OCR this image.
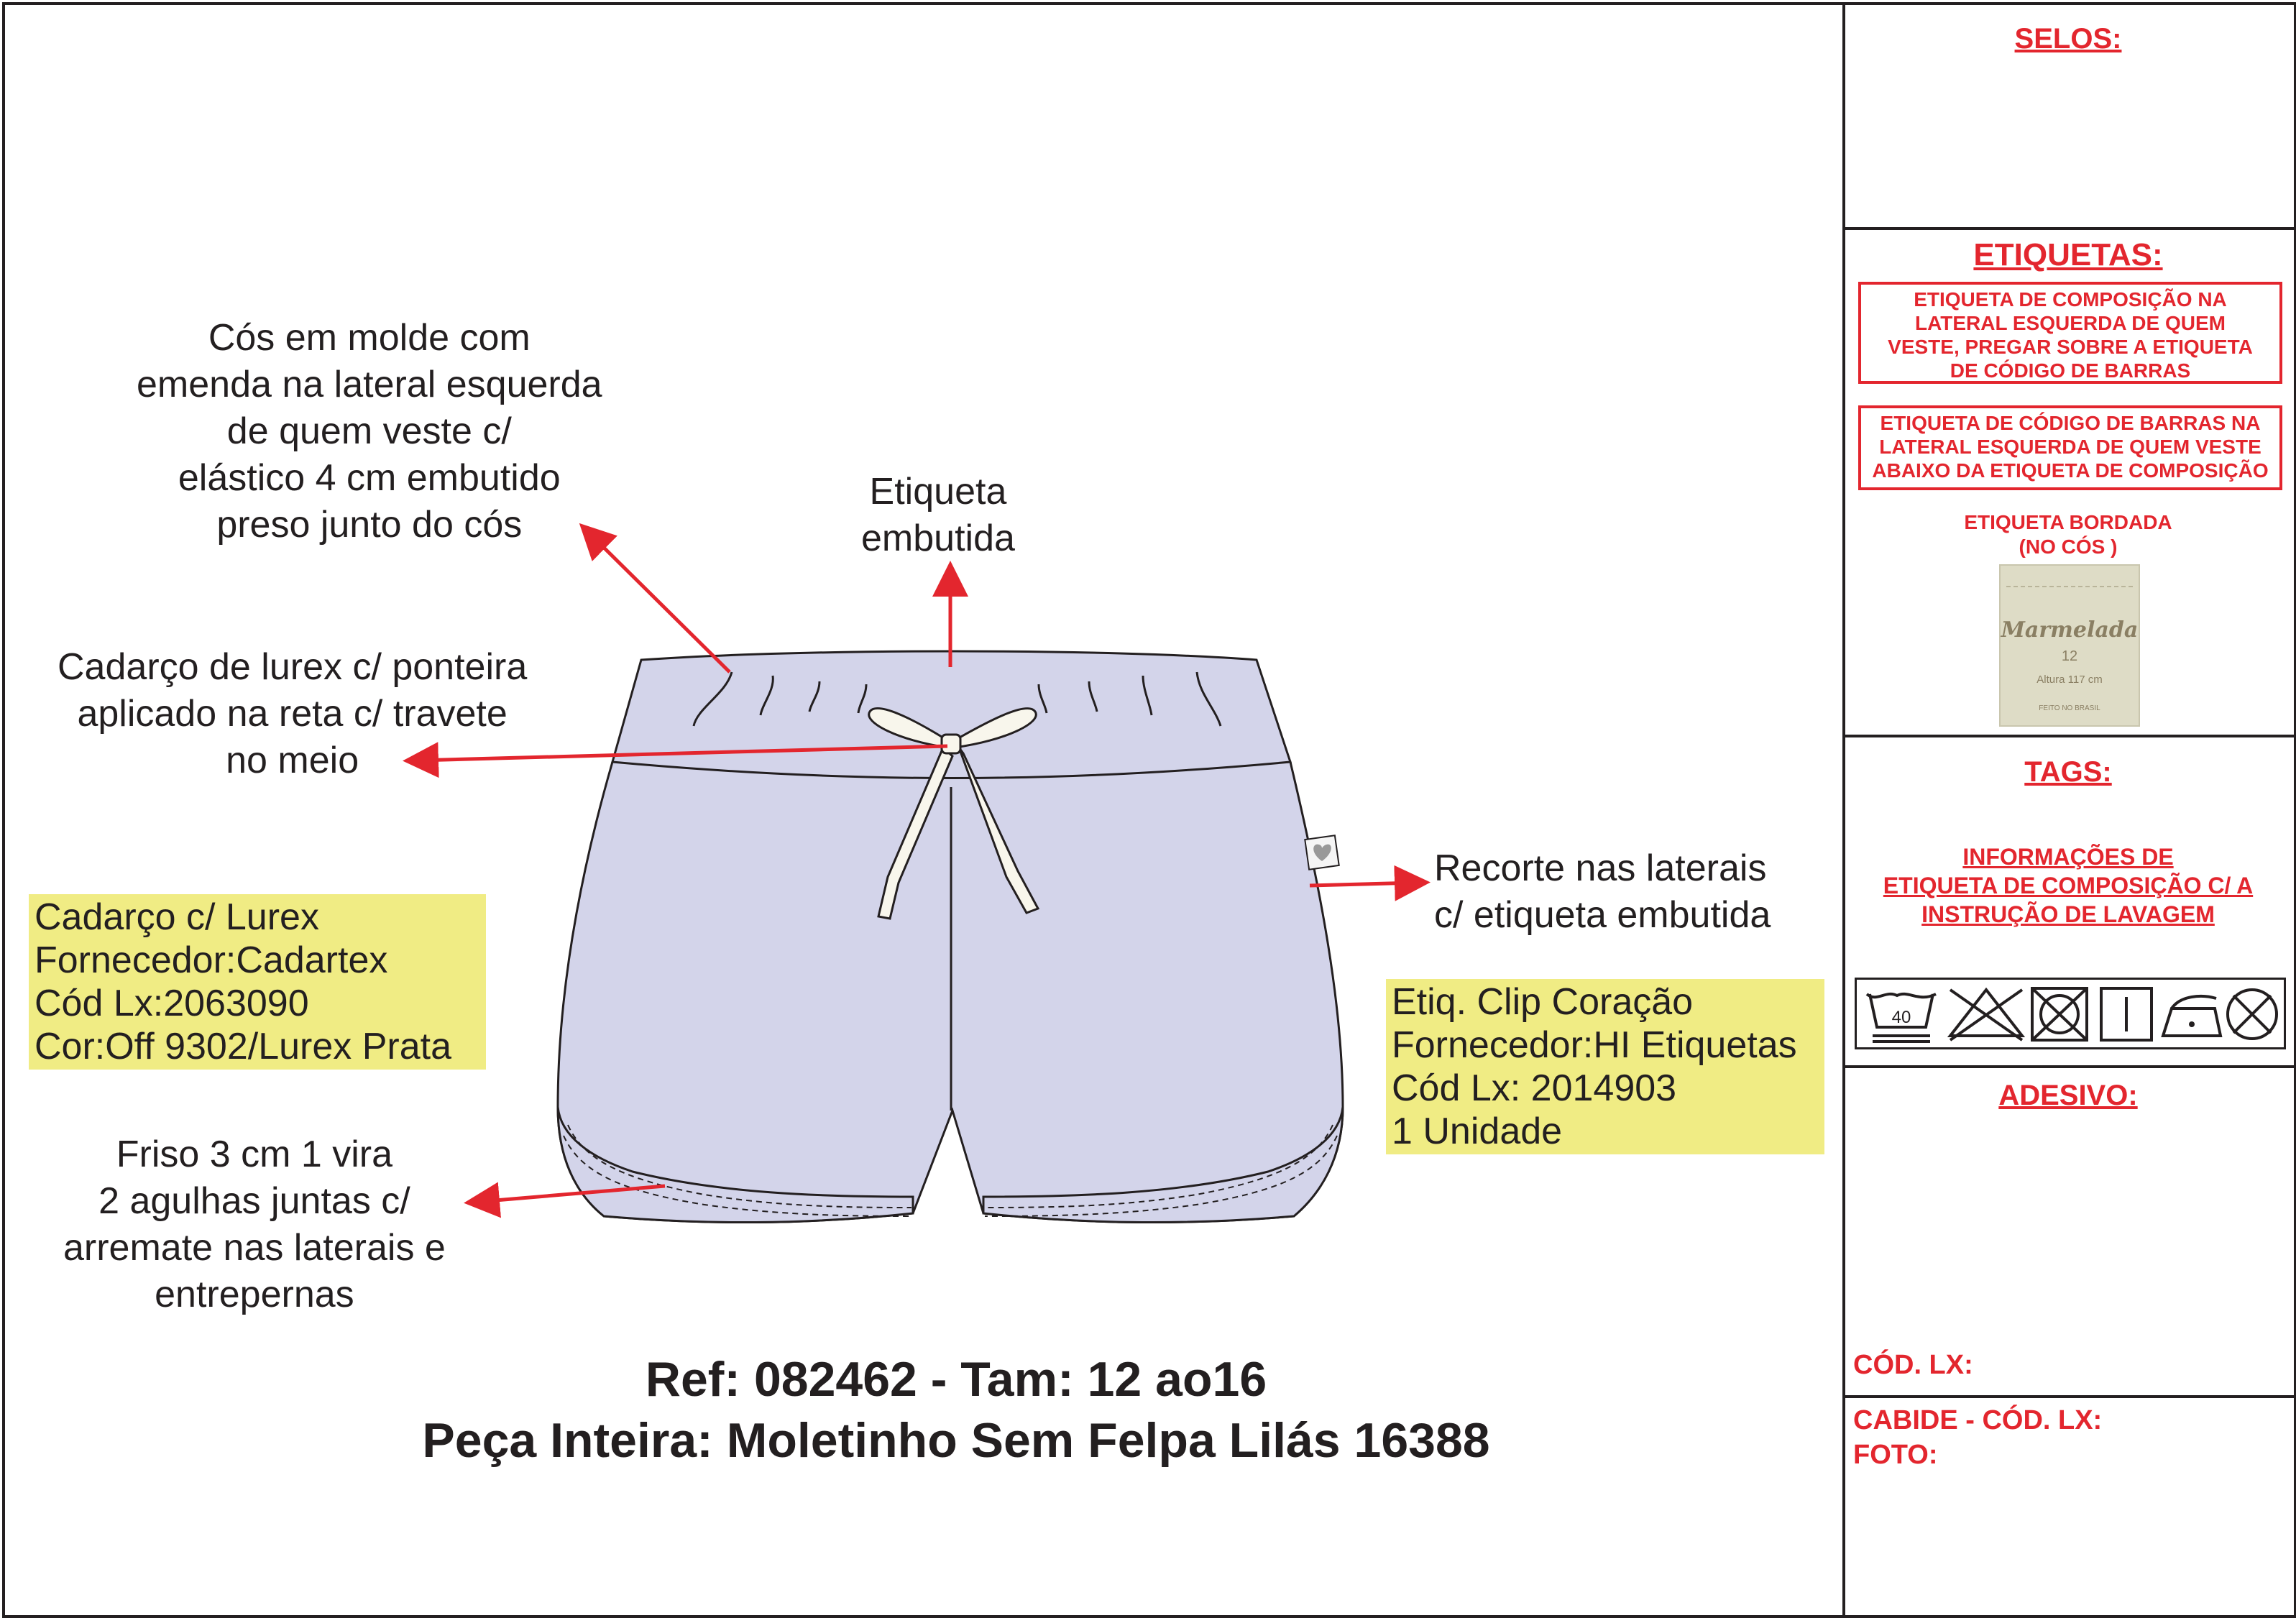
Cós em molde com
emenda na lateral esquerda
de quem veste c/
elástico 4 cm embutido
preso junto do cós
Etiqueta
embutida
Cadarço de lurex c/ ponteira
aplicado na reta c/ travete
no meio
Recorte nas laterais
c/ etiqueta embutida
Friso 3 cm 1 vira
2 agulhas juntas c/
arremate nas laterais e
entrepernas
Cadarço c/ Lurex
Fornecedor:Cadartex
Cód Lx:2063090
Cor:Off 9302/Lurex Prata
Etiq. Clip Coração
Fornecedor:HI Etiquetas
Cód Lx: 2014903
1 Unidade
Ref: 082462 - Tam: 12 ao16
Peça Inteira: Moletinho Sem Felpa Lilás 16388
SELOS:
ETIQUETAS:
ETIQUETA DE COMPOSIÇÃO NA
LATERAL ESQUERDA DE QUEM
VESTE, PREGAR SOBRE A ETIQUETA
DE CÓDIGO DE BARRAS
ETIQUETA DE CÓDIGO DE BARRAS NA
LATERAL ESQUERDA DE QUEM VESTE
ABAIXO DA ETIQUETA DE COMPOSIÇÃO
ETIQUETA BORDADA
(NO CÓS )
Marmelada
12
Altura 117 cm
FEITO NO BRASIL
TAGS:
INFORMAÇÕES DE
ETIQUETA DE COMPOSIÇÃO C/ A
INSTRUÇÃO DE LAVAGEM
40
ADESIVO:
CÓD. LX:
CABIDE - CÓD. LX:
FOTO:
